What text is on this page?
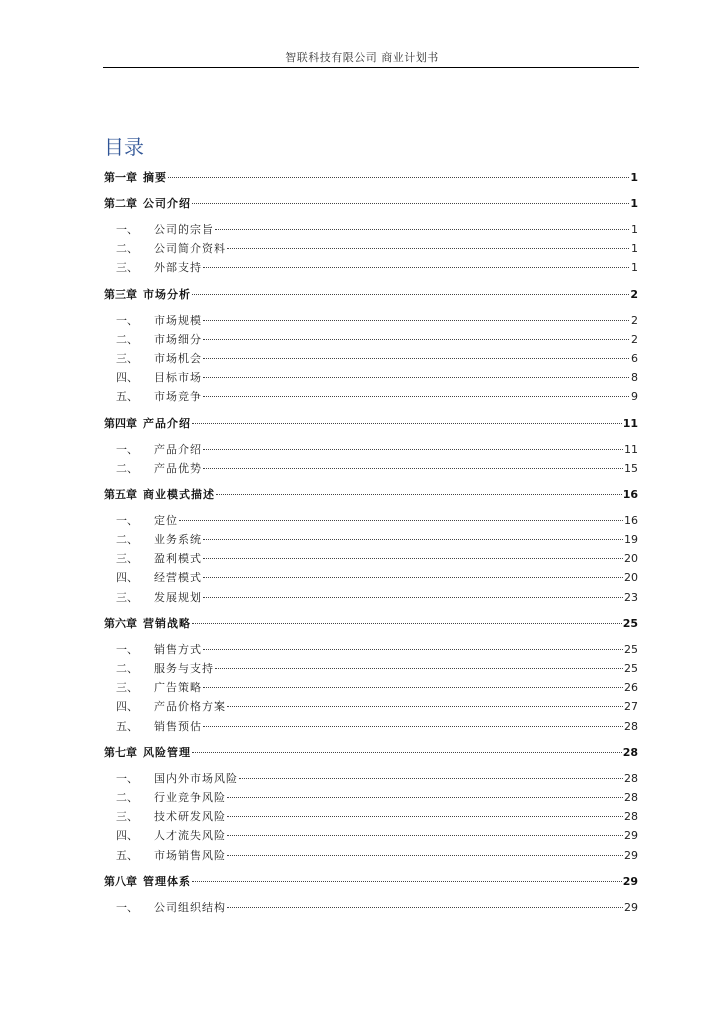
智联科技有限公司 商业计划书
目录
第一章 摘要	1
第二章 公司介绍	1
一、	公司的宗旨	1
二、	公司简介资料	1
三、	外部支持	1
第三章 市场分析	2
一、	市场规模	2
二、	市场细分	2
三、	市场机会	6
四、	目标市场	8
五、	市场竞争	9
第四章 产品介绍	11
一、	产品介绍	11
二、	产品优势	15
第五章 商业模式描述	16
一、	定位	16
二、	业务系统	19
三、	盈利模式	20
四、	经营模式	20
三、	发展规划	23
第六章 营销战略	25
一、	销售方式	25
二、	服务与支持	25
三、	广告策略	26
四、	产品价格方案	27
五、	销售预估	28
第七章 风险管理	28
一、	国内外市场风险	28
二、	行业竞争风险	28
三、	技术研发风险	28
四、	人才流失风险	29
五、	市场销售风险	29
第八章 管理体系	29
一、	公司组织结构	29
